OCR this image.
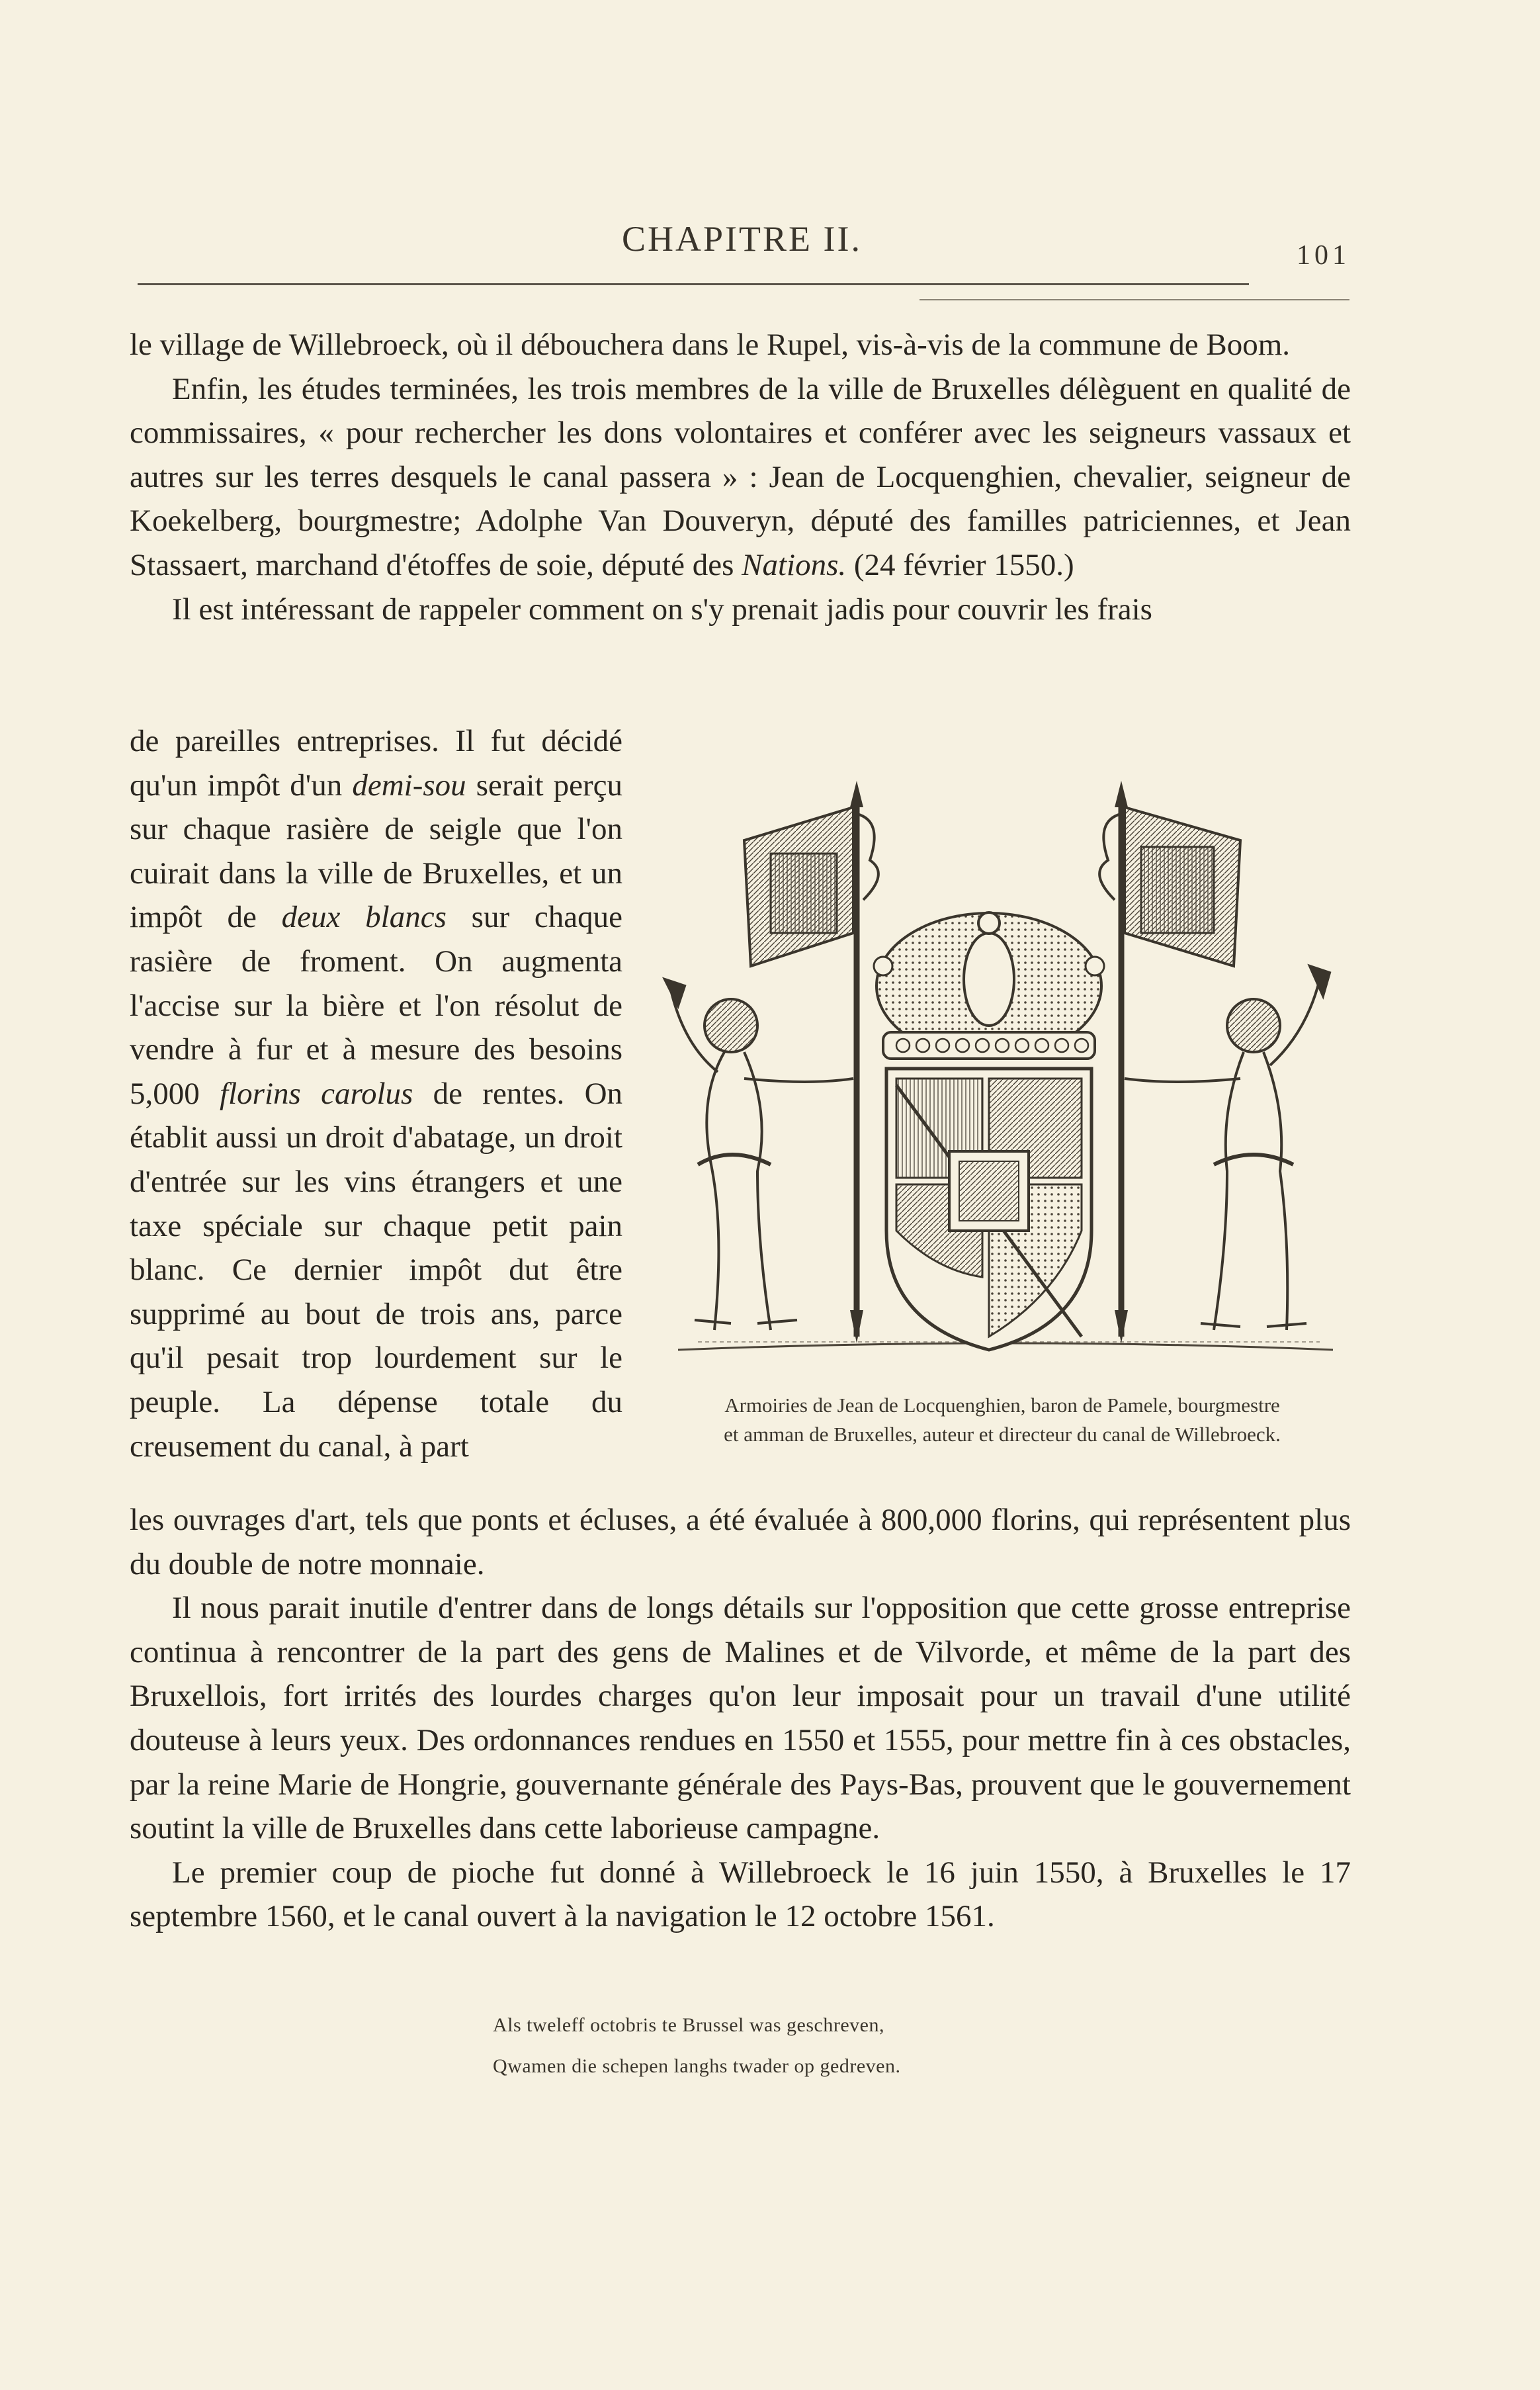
CHAPITRE II.	101

le village de Willebroeck, où il débouchera dans le Rupel, vis-à-vis de la commune de Boom.

Enfin, les études terminées, les trois membres de la ville de Bruxelles délèguent en qualité de commissaires, « pour rechercher les dons volontaires et conférer avec les seigneurs vassaux et autres sur les terres desquels le canal passera » : Jean de Locquenghien, chevalier, seigneur de Koekelberg, bourgmestre; Adolphe Van Douveryn, député des familles patriciennes, et Jean Stassaert, marchand d'étoffes de soie, député des Nations. (24 février 1550.)

Il est intéressant de rappeler comment on s'y prenait jadis pour couvrir les frais

de pareilles entreprises. Il fut décidé qu'un impôt d'un demi-sou serait perçu sur chaque rasière de seigle que l'on cuirait dans la ville de Bruxelles, et un impôt de deux blancs sur chaque rasière de froment. On augmenta l'accise sur la bière et l'on résolut de vendre à fur et à mesure des besoins 5,000 florins carolus de rentes. On établit aussi un droit d'abatage, un droit d'entrée sur les vins étrangers et une taxe spéciale sur chaque petit pain blanc. Ce dernier impôt dut être supprimé au bout de trois ans, parce qu'il pesait trop lourdement sur le peuple. La dépense totale du creusement du canal, à part

Armoiries de Jean de Locquenghien, baron de Pamele, bourgmestre
et amman de Bruxelles, auteur et directeur du canal de Willebroeck.

les ouvrages d'art, tels que ponts et écluses, a été évaluée à 800,000 florins, qui représentent plus du double de notre monnaie.

Il nous parait inutile d'entrer dans de longs détails sur l'opposition que cette grosse entreprise continua à rencontrer de la part des gens de Malines et de Vilvorde, et même de la part des Bruxellois, fort irrités des lourdes charges qu'on leur imposait pour un travail d'une utilité douteuse à leurs yeux. Des ordonnances rendues en 1550 et 1555, pour mettre fin à ces obstacles, par la reine Marie de Hongrie, gouvernante générale des Pays-Bas, prouvent que le gouvernement soutint la ville de Bruxelles dans cette laborieuse campagne.

Le premier coup de pioche fut donné à Willebroeck le 16 juin 1550, à Bruxelles le 17 septembre 1560, et le canal ouvert à la navigation le 12 octobre 1561.

Als tweleff octobris te Brussel was geschreven,
Qwamen die schepen langhs twader op gedreven.
